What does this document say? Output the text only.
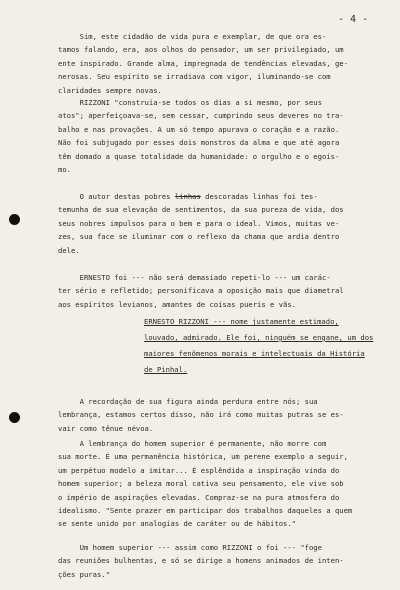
- 4 -
Sim, este cidadão de vida pura e exemplar, de que ora es-
tamos falando, era, aos olhos do pensador, um ser privilegiado, um
ente inspirado. Grande alma, impregnada de tendências elevadas, ge-
nerosas. Seu espírito se irradiava com vigor, iluminando-se com
claridades sempre novas.
RIZZONI "construía-se todos os dias a si mesmo, por seus
atos"; aperfeiçoava-se, sem cessar, cumprindo seus deveres no tra-
balho e nas provações. A um só tempo apurava o coração e a razão.
Não foi subjugado por esses dois monstros da alma e que até agora
têm domado a quase totalidade da humanidade: o orgulho e o egoís-
mo.
O autor destas pobres linhas descoradas linhas foi tes-
temunha de sua elevação de sentimentos, da sua pureza de vida, dos
seus nobres impulsos para o bem e para o ideal. Vimos, muitas ve-
zes, sua face se iluminar com o reflexo da chama que ardia dentro
dele.
ERNESTO foi --- não será demasiado repeti-lo --- um carác-
ter sério e refletido; personificava a oposição mais que diametral
aos espíritos levianos, amantes de coisas pueris e vãs.
ERNESTO RIZZONI --- nome justamente estimado,
louvado, admirado. Ele foi, ninguém se engane, um dos
maiores fenômenos morais e intelectuais da História
de Pinhal.
A recordação de sua figura ainda perdura entre nós; sua
lembrança, estamos certos disso, não irá como muitas putras se es-
vair como tênue névoa.
A lembrança do homem superior é permanente, não morre com
sua morte. É uma permanência histórica, um perene exemplo a seguir,
um perpétuo modelo a imitar... É esplêndida a inspiração vinda do
homem superior; a beleza moral cativa seu pensamento, ele vive sob
o império de aspirações elevadas. Compraz-se na pura atmosfera do
idealismo. "Sente prazer em participar dos trabalhos daqueles a quem
se sente unido por analogias de caráter ou de hábitos."
Um homem superior --- assim como RIZZONI o foi --- "foge
das reuniões bulhentas, e só se dirige a homens animados de inten-
ções puras."
